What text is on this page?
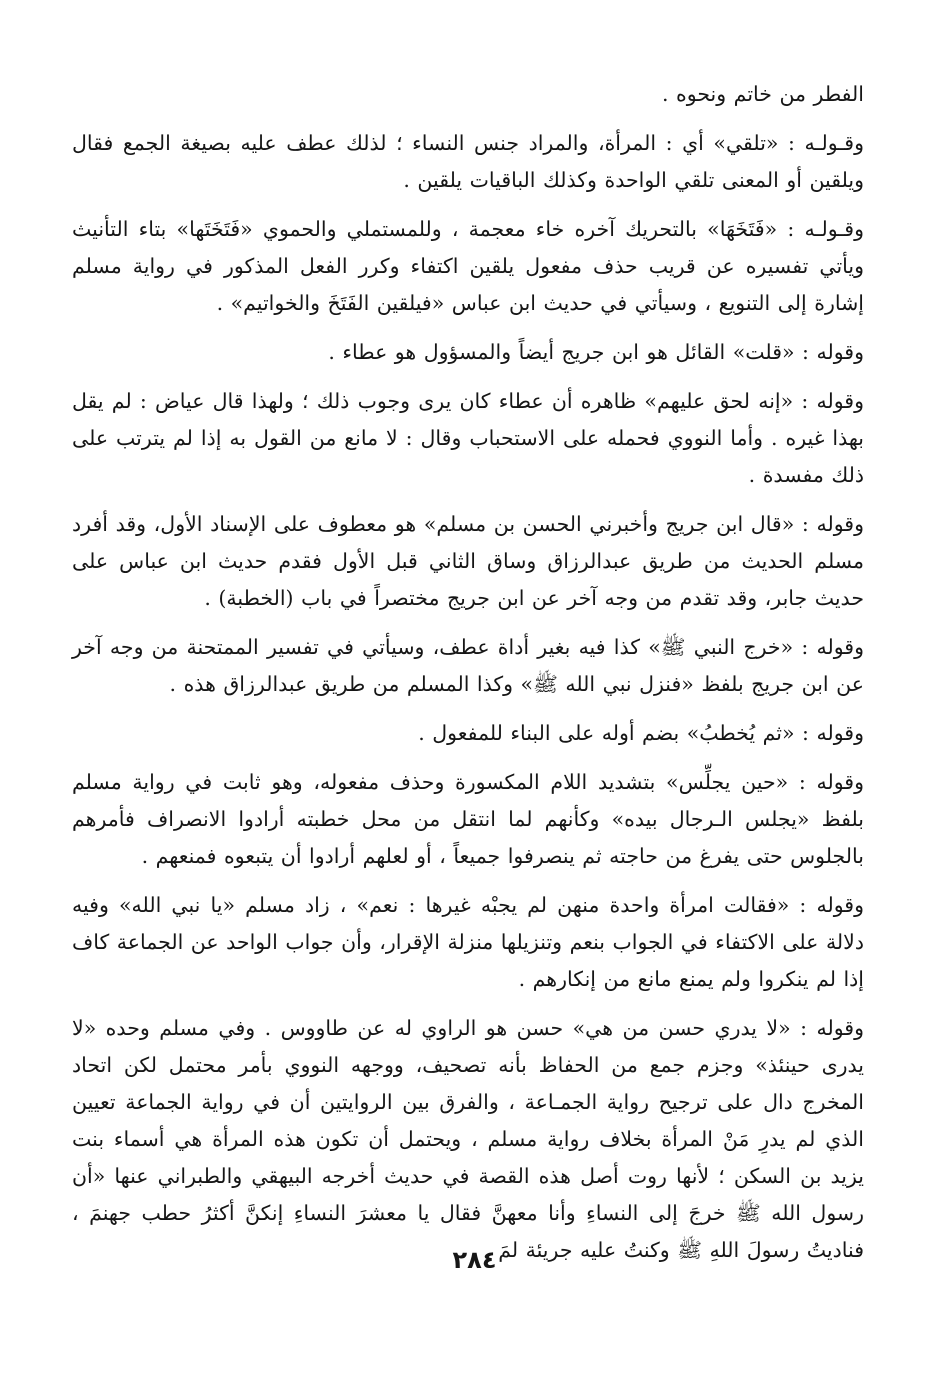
الفطر من خاتم ونحوه .

وقـولـه : «تلقي» أي : المرأة، والمراد جنس النساء ؛ لذلك عطف عليه بصيغة الجمع فقال ويلقين أو المعنى تلقي الواحدة وكذلك الباقيات يلقين .

وقـولـه : «فَتَخَهَا» بالتحريك آخره خاء معجمة ، وللمستملي والحموي «فَتَخَتَها» بتاء التأنيث ويأتي تفسيره عن قريب حذف مفعول يلقين اكتفاء وكرر الفعل المذكور في رواية مسلم إشارة إلى التنويع ، وسيأتي في حديث ابن عباس «فيلقين الفَتَخَ والخواتيم» .

وقوله : «قلت» القائل هو ابن جريج أيضاً والمسؤول هو عطاء .

وقوله : «إنه لحق عليهم» ظاهره أن عطاء كان يرى وجوب ذلك ؛ ولهذا قال عياض : لم يقل بهذا غيره . وأما النووي فحمله على الاستحباب وقال : لا مانع من القول به إذا لم يترتب على ذلك مفسدة .

وقوله : «قال ابن جريج وأخبرني الحسن بن مسلم» هو معطوف على الإسناد الأول، وقد أفرد مسلم الحديث من طريق عبدالرزاق وساق الثاني قبل الأول فقدم حديث ابن عباس على حديث جابر، وقد تقدم من وجه آخر عن ابن جريج مختصراً في باب (الخطبة) .

وقوله : «خرج النبي ﷺ» كذا فيه بغير أداة عطف، وسيأتي في تفسير الممتحنة من وجه آخر عن ابن جريج بلفظ «فنزل نبي الله ﷺ» وكذا المسلم من طريق عبدالرزاق هذه .

وقوله : «ثم يُخطبُ» بضم أوله على البناء للمفعول .

وقوله : «حين يجلِّس» بتشديد اللام المكسورة وحذف مفعوله، وهو ثابت في رواية مسلم بلفظ «يجلس الـرجال بيده» وكأنهم لما انتقل من محل خطبته أرادوا الانصراف فأمرهم بالجلوس حتى يفرغ من حاجته ثم ينصرفوا جميعاً ، أو لعلهم أرادوا أن يتبعوه فمنعهم .

وقوله : «فقالت امرأة واحدة منهن لم يجبْه غيرها : نعم» ، زاد مسلم «يا نبي الله» وفيه دلالة على الاكتفاء في الجواب بنعم وتنزيلها منزلة الإقرار، وأن جواب الواحد عن الجماعة كاف إذا لم ينكروا ولم يمنع مانع من إنكارهم .

وقوله : «لا يدري حسن من هي» حسن هو الراوي له عن طاووس . وفي مسلم وحده «لا يدرى حينئذ» وجزم جمع من الحفاظ بأنه تصحيف، ووجهه النووي بأمر محتمل لكن اتحاد المخرج دال على ترجيح رواية الجمـاعة ، والفرق بين الروايتين أن في رواية الجماعة تعيين الذي لم يدرِ مَنْ المرأة بخلاف رواية مسلم ، ويحتمل أن تكون هذه المرأة هي أسماء بنت يزيد بن السكن ؛ لأنها روت أصل هذه القصة في حديث أخرجه البيهقي والطبراني عنها «أن رسول الله ﷺ خرجَ إلى النساءِ وأنا معهنَّ فقال يا معشرَ النساءِ إنكنَّ أكثرُ حطب جهنمَ ، فناديتُ رسولَ اللهِ ﷺ وكنتُ عليه جريئة لمَ

٢٨٤
